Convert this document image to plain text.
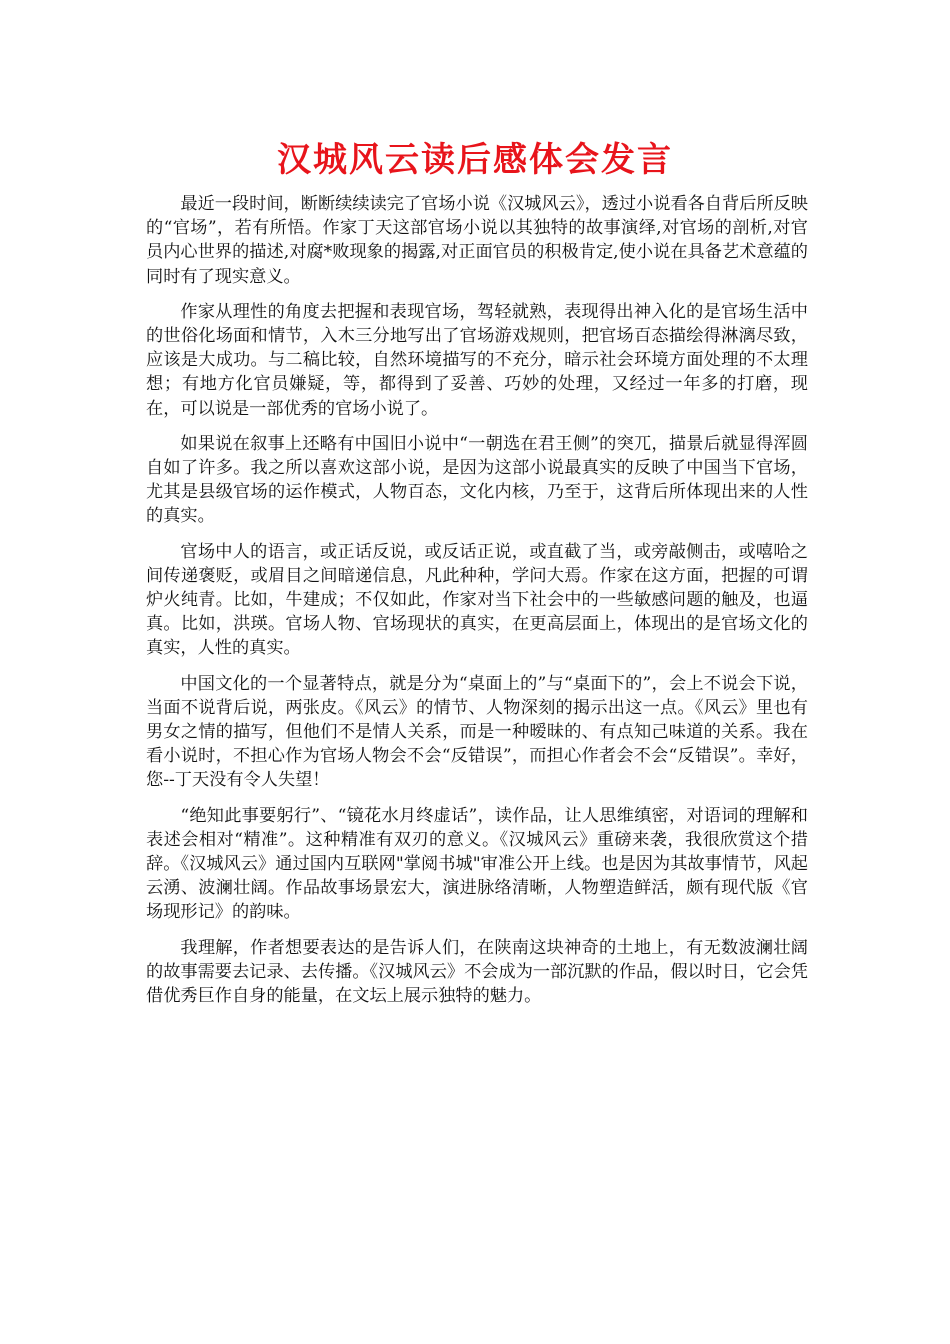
汉城风云读后感体会发言

最近一段时间，断断续续读完了官场小说《汉城风云》，透过小说看各自背后所反映的“官场”，若有所悟。作家丁天这部官场小说以其独特的故事演绎,对官场的剖析,对官员内心世界的描述,对腐*败现象的揭露,对正面官员的积极肯定,使小说在具备艺术意蕴的同时有了现实意义。

作家从理性的角度去把握和表现官场，驾轻就熟，表现得出神入化的是官场生活中的世俗化场面和情节，入木三分地写出了官场游戏规则，把官场百态描绘得淋漓尽致，应该是大成功。与二稿比较，自然环境描写的不充分，暗示社会环境方面处理的不太理想；有地方化官员嫌疑，等，都得到了妥善、巧妙的处理，又经过一年多的打磨，现在，可以说是一部优秀的官场小说了。

如果说在叙事上还略有中国旧小说中“一朝选在君王侧”的突兀，描景后就显得浑圆自如了许多。我之所以喜欢这部小说，是因为这部小说最真实的反映了中国当下官场，尤其是县级官场的运作模式，人物百态，文化内核，乃至于，这背后所体现出来的人性的真实。

官场中人的语言，或正话反说，或反话正说，或直截了当，或旁敲侧击，或嘻哈之间传递褒贬，或眉目之间暗递信息，凡此种种，学问大焉。作家在这方面，把握的可谓炉火纯青。比如，牛建成；不仅如此，作家对当下社会中的一些敏感问题的触及，也逼真。比如，洪瑛。官场人物、官场现状的真实，在更高层面上，体现出的是官场文化的真实，人性的真实。

中国文化的一个显著特点，就是分为“桌面上的”与“桌面下的”，会上不说会下说，当面不说背后说，两张皮。《风云》的情节、人物深刻的揭示出这一点。《风云》里也有男女之情的描写，但他们不是情人关系，而是一种暧昧的、有点知己味道的关系。我在看小说时，不担心作为官场人物会不会“反错误”，而担心作者会不会“反错误”。幸好，您--丁天没有令人失望！

“绝知此事要躬行”、“镜花水月终虚话”，读作品，让人思维缜密，对语词的理解和表述会相对“精准”。这种精准有双刃的意义。《汉城风云》重磅来袭，我很欣赏这个措辞。《汉城风云》通过国内互联网"掌阅书城"审准公开上线。也是因为其故事情节，风起云湧、波澜壮阔。作品故事场景宏大，演进脉络清晰，人物塑造鲜活，颇有现代版《官场现形记》的韵味。

我理解，作者想要表达的是告诉人们，在陕南这块神奇的土地上，有无数波澜壮阔的故事需要去记录、去传播。《汉城风云》不会成为一部沉默的作品，假以时日，它会凭借优秀巨作自身的能量，在文坛上展示独特的魅力。
